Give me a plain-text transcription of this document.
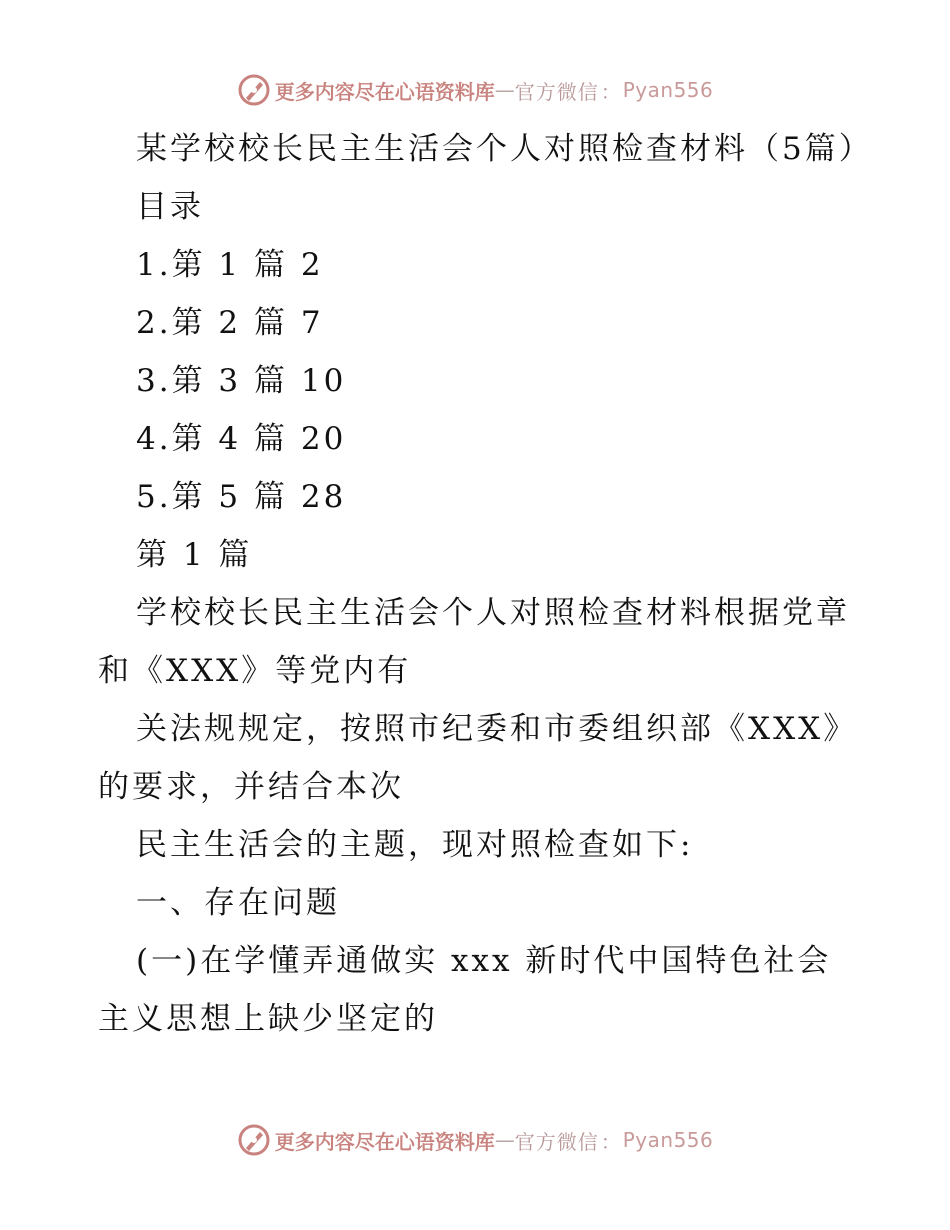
更多内容尽在心语资料库 — 官方微信 ： Pyan556

某学校校长民主生活会个人对照检查材料（5篇）

目录

1.第 1 篇 2

2.第 2 篇 7

3.第 3 篇 10

4.第 4 篇 20

5.第 5 篇 28

第 1 篇

学校校长民主生活会个人对照检查材料根据党章和《XXX》等党内有

关法规规定，按照市纪委和市委组织部《XXX》的要求，并结合本次

民主生活会的主题，现对照检查如下:

一、存在问题

(一)在学懂弄通做实 xxx 新时代中国特色社会主义思想上缺少坚定的

更多内容尽在心语资料库 — 官方微信 ： Pyan556
